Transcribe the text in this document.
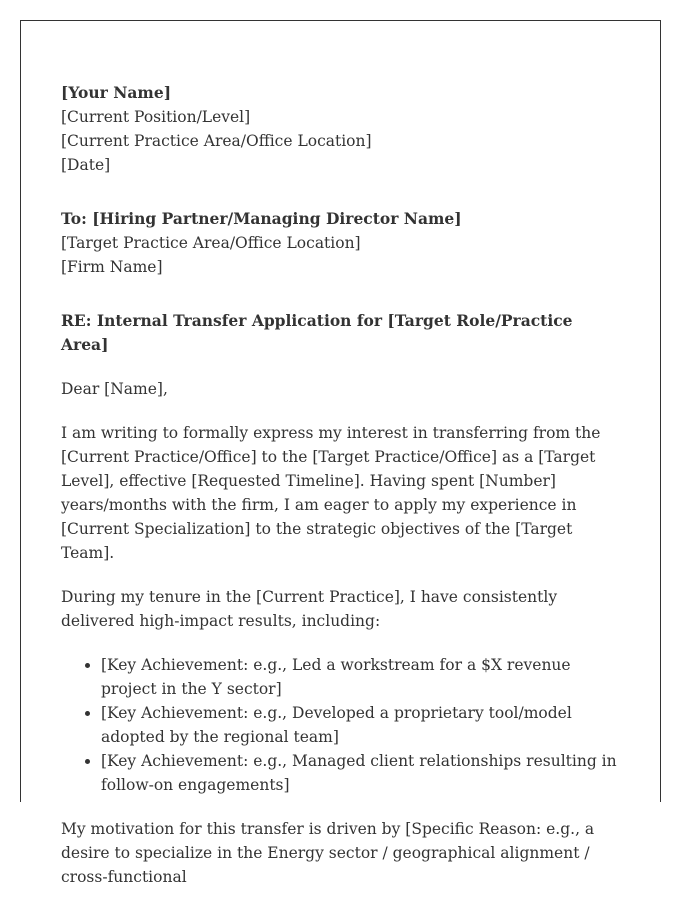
[Your Name]
[Current Position/Level]
[Current Practice Area/Office Location]
[Date]
To: [Hiring Partner/Managing Director Name]
[Target Practice Area/Office Location]
[Firm Name]
RE: Internal Transfer Application for [Target Role/Practice Area]

Dear [Name],

I am writing to formally express my interest in transferring from the [Current Practice/Office] to the [Target Practice/Office] as a [Target Level], effective [Requested Timeline]. Having spent [Number] years/months with the firm, I am eager to apply my experience in [Current Specialization] to the strategic objectives of the [Target Team].

During my tenure in the [Current Practice], I have consistently delivered high-impact results, including:

• [Key Achievement: e.g., Led a workstream for a $X revenue project in the Y sector]
• [Key Achievement: e.g., Developed a proprietary tool/model adopted by the regional team]
• [Key Achievement: e.g., Managed client relationships resulting in follow-on engagements]

My motivation for this transfer is driven by [Specific Reason: e.g., a desire to specialize in the Energy sector / geographical alignment / cross-functional
